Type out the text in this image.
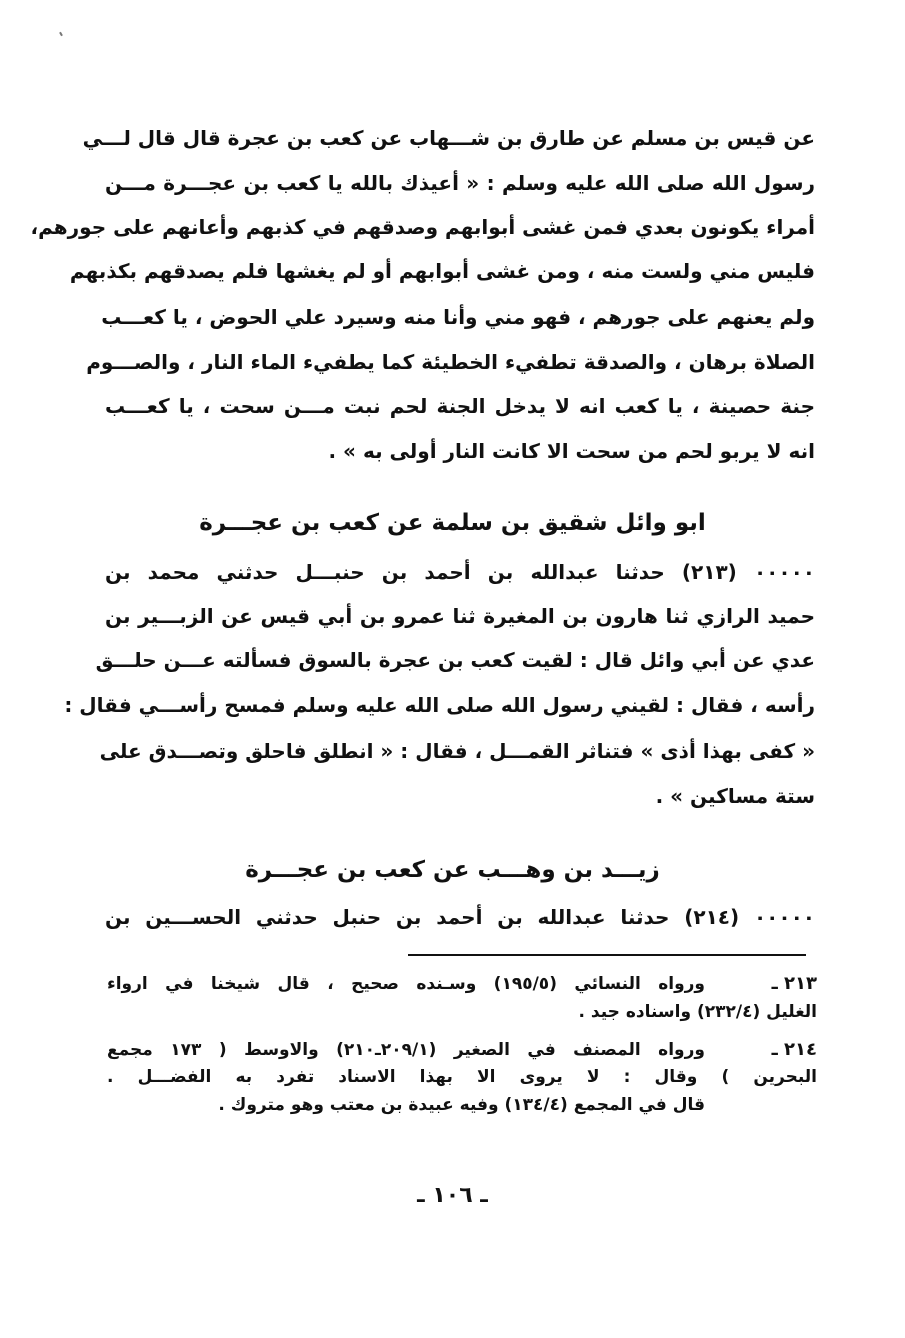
عن قيس بن مسلم عن طارق بن شـــهاب عن كعب بن عجرة قال قال لـــي
رسول الله صلى الله عليه وسلم : « أعيذك بالله يا كعب بن عجـــرة مـــن
أمراء يكونون بعدي فمن غشى أبوابهم وصدقهم في كذبهم وأعانهم على جورهم،
فليس مني ولست منه ، ومن غشى أبوابهم أو لم يغشها فلم يصدقهم بكذبهم
ولم يعنهم على جورهم ، فهو مني وأنا منه وسيرد علي الحوض ، يا كعـــب
الصلاة برهان ، والصدقة تطفيء الخطيئة كما يطفيء الماء النار ، والصـــوم
جنة حصينة ، يا كعب انه لا يدخل الجنة لحم نبت مـــن سحت ، يا كعـــب
انه لا يربو لحم من سحت الا كانت النار أولى به » .
ابو وائل شقيق بن سلمة عن كعب بن عجـــرة
٠٠٠٠٠ (٢١٣) حدثنا عبدالله بن أحمد بن حنبـــل حدثني محمد بن
حميد الرازي ثنا هارون بن المغيرة ثنا عمرو بن أبي قيس عن الزبـــير بن
عدي عن أبي وائل قال : لقيت كعب بن عجرة بالسوق فسألته عـــن حلـــق
رأسه ، فقال : لقيني رسول الله صلى الله عليه وسلم فمسح رأســـي فقال :
« كفى بهذا أذى » فتناثر القمـــل ، فقال : « انطلق فاحلق وتصـــدق على
ستة مساكين » .
زيـــد بن وهـــب عن كعب بن عجـــرة
٠٠٠٠٠ (٢١٤) حدثنا عبدالله بن أحمد بن حنبل حدثني الحســـين بن
٢١٣ ـ
ورواه النسائي (١٩٥/٥) وسـنده صحيح ، قال شيخنا في ارواء
الغليل (٢٣٢/٤) واسناده جيد .
٢١٤ ـ
ورواه المصنف في الصغير (٢٠٩/١ـ٢١٠) والاوسط ( ١٧٣ مجمع
البحرين ) وقال : لا يروى الا بهذا الاسناد تفرد به الفضـــل .
قال في المجمع (١٣٤/٤) وفيه عبيدة بن معتب وهو متروك .
ـ ١٠٦ ـ
